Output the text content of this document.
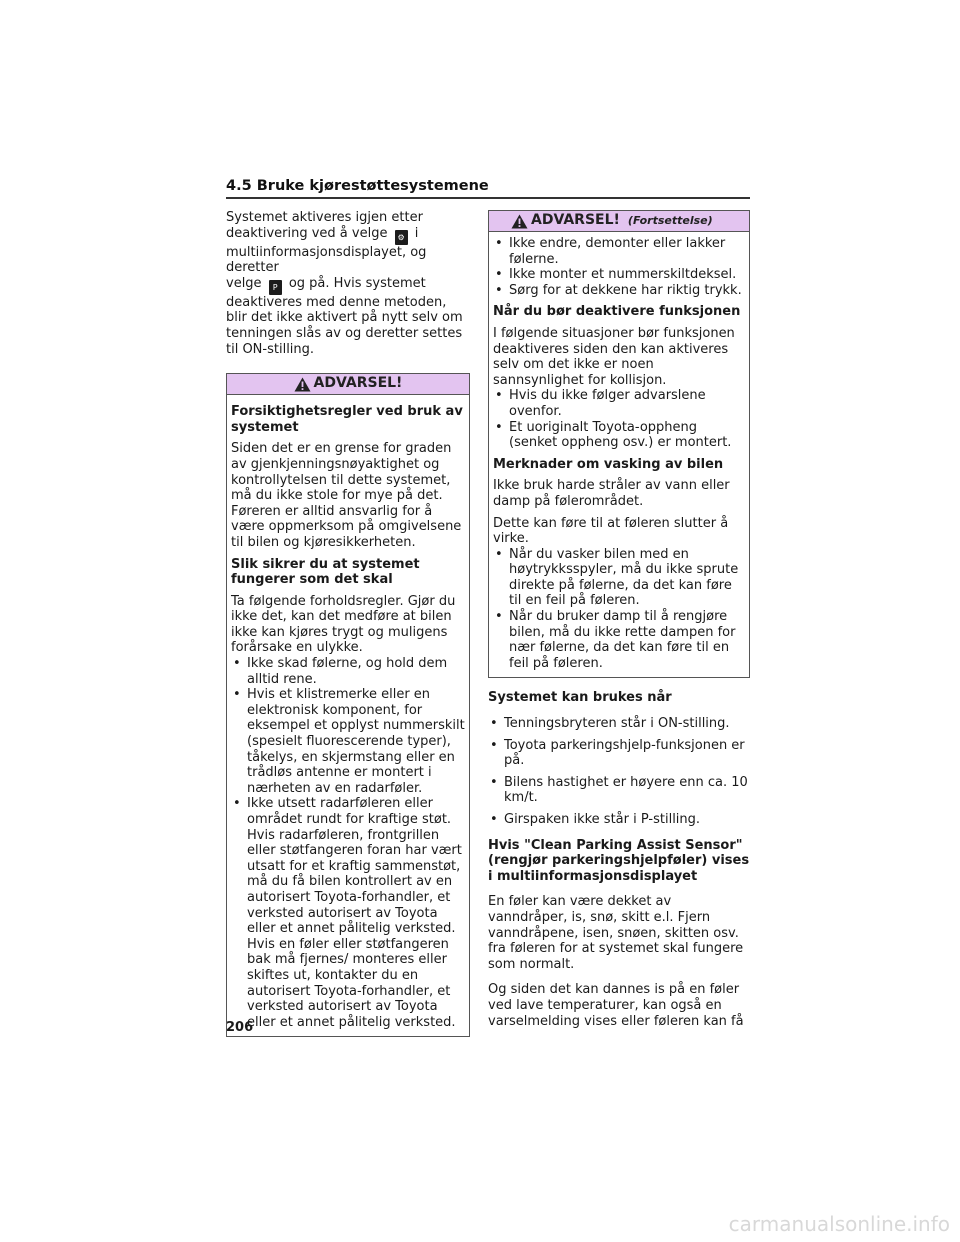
4.5 Bruke kjørestøttesystemene

Systemet aktiveres igjen etter
deaktivering ved å velge ⚙ i
multiinformasjonsdisplayet, og deretter
velge P og på. Hvis systemet deaktiveres med denne metoden, blir det ikke aktivert på nytt selv om tenningen slås av og deretter settes til ON-stilling.

ADVARSEL!

Forsiktighetsregler ved bruk av systemet

Siden det er en grense for graden av gjenkjenningsnøyaktighet og kontrollytelsen til dette systemet, må du ikke stole for mye på det. Føreren er alltid ansvarlig for å være oppmerksom på omgivelsene til bilen og kjøresikkerheten.

Slik sikrer du at systemet fungerer som det skal

Ta følgende forholdsregler. Gjør du ikke det, kan det medføre at bilen ikke kan kjøres trygt og muligens forårsake en ulykke.

• Ikke skad følerne, og hold dem alltid rene.
• Hvis et klistremerke eller en elektronisk komponent, for eksempel et opplyst nummerskilt (spesielt fluorescerende typer), tåkelys, en skjermstang eller en trådløs antenne er montert i nærheten av en radarføler.
• Ikke utsett radarføleren eller området rundt for kraftige støt. Hvis radarføleren, frontgrillen eller støtfangeren foran har vært utsatt for et kraftig sammenstøt, må du få bilen kontrollert av en autorisert Toyota-forhandler, et verksted autorisert av Toyota eller et annet pålitelig verksted. Hvis en føler eller støtfangeren bak må fjernes/ monteres eller skiftes ut, kontakter du en autorisert Toyota-forhandler, et verksted autorisert av Toyota eller et annet pålitelig verksted.
ADVARSEL! (Fortsettelse)
• Ikke endre, demonter eller lakker følerne.
• Ikke monter et nummerskiltdeksel.
• Sørg for at dekkene har riktig trykk.

Når du bør deaktivere funksjonen

I følgende situasjoner bør funksjonen deaktiveres siden den kan aktiveres selv om det ikke er noen sannsynlighet for kollisjon.

• Hvis du ikke følger advarslene ovenfor.
• Et uoriginalt Toyota-oppheng (senket oppheng osv.) er montert.

Merknader om vasking av bilen

Ikke bruk harde stråler av vann eller damp på følerområdet.

Dette kan føre til at føleren slutter å virke.

• Når du vasker bilen med en høytrykksspyler, må du ikke sprute direkte på følerne, da det kan føre til en feil på føleren.
• Når du bruker damp til å rengjøre bilen, må du ikke rette dampen for nær følerne, da det kan føre til en feil på føleren.

Systemet kan brukes når

• Tenningsbryteren står i ON-stilling.
• Toyota parkeringshjelp-funksjonen er på.
• Bilens hastighet er høyere enn ca. 10 km/t.
• Girspaken ikke står i P-stilling.

Hvis "Clean Parking Assist Sensor" (rengjør parkeringshjelpføler) vises i multiinformasjonsdisplayet

En føler kan være dekket av vanndråper, is, snø, skitt e.l. Fjern vanndråpene, isen, snøen, skitten osv. fra føleren for at systemet skal fungere som normalt.

Og siden det kan dannes is på en føler ved lave temperaturer, kan også en varselmelding vises eller føleren kan få

206
carmanualsonline.info
